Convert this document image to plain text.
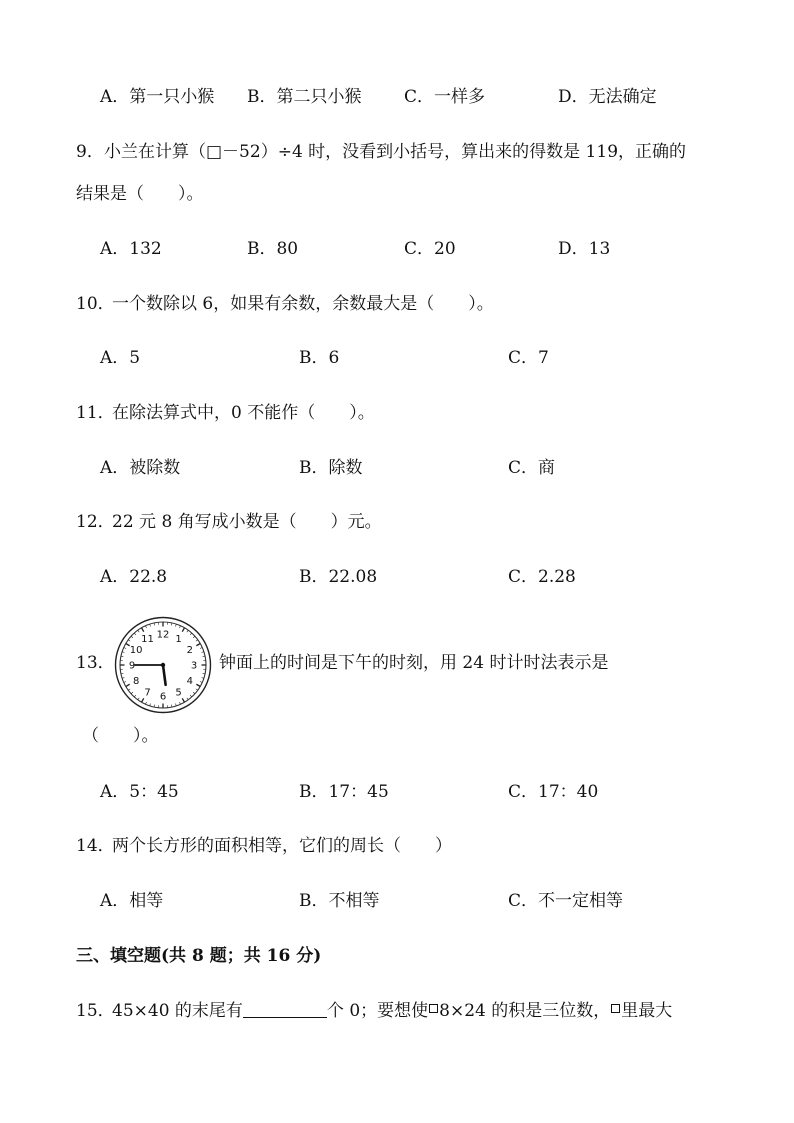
A．第一只小猴 B．第二只小猴	C．一样多	D．无法确定
9． 小兰在计算（□－52）÷4 时，没看到小括号，算出来的得数是 119，正确的
结果是（　　）。
A．132	B．80	C．20	D．13
10．
一个数除以 6，如果有余数，余数最大是（　　）。
A．5	B．6	C．7
11．
在除法算式中，0 不能作（　　）。
A．被除数	B．除数	C．商
12．
22 元 8 角写成小数是（　　）元。
A．22.8	B．22.08	C．2.28
13．	钟面上的时间是下午的时刻，用 24 时计时法表示是
12 1
2
3
4
5
6
7
8
9
10
11
（　　）。
A．5：45	B．17：45	C．17：40
14．
两个长方形的面积相等，它们的周长（　　）
A．相等	B．不相等	C．不一定相等
三、填空题(共 8 题；共 16 分)
15．
45×40 的末尾有	个 0；要想使 8×24 的积是三位数， 里最大
